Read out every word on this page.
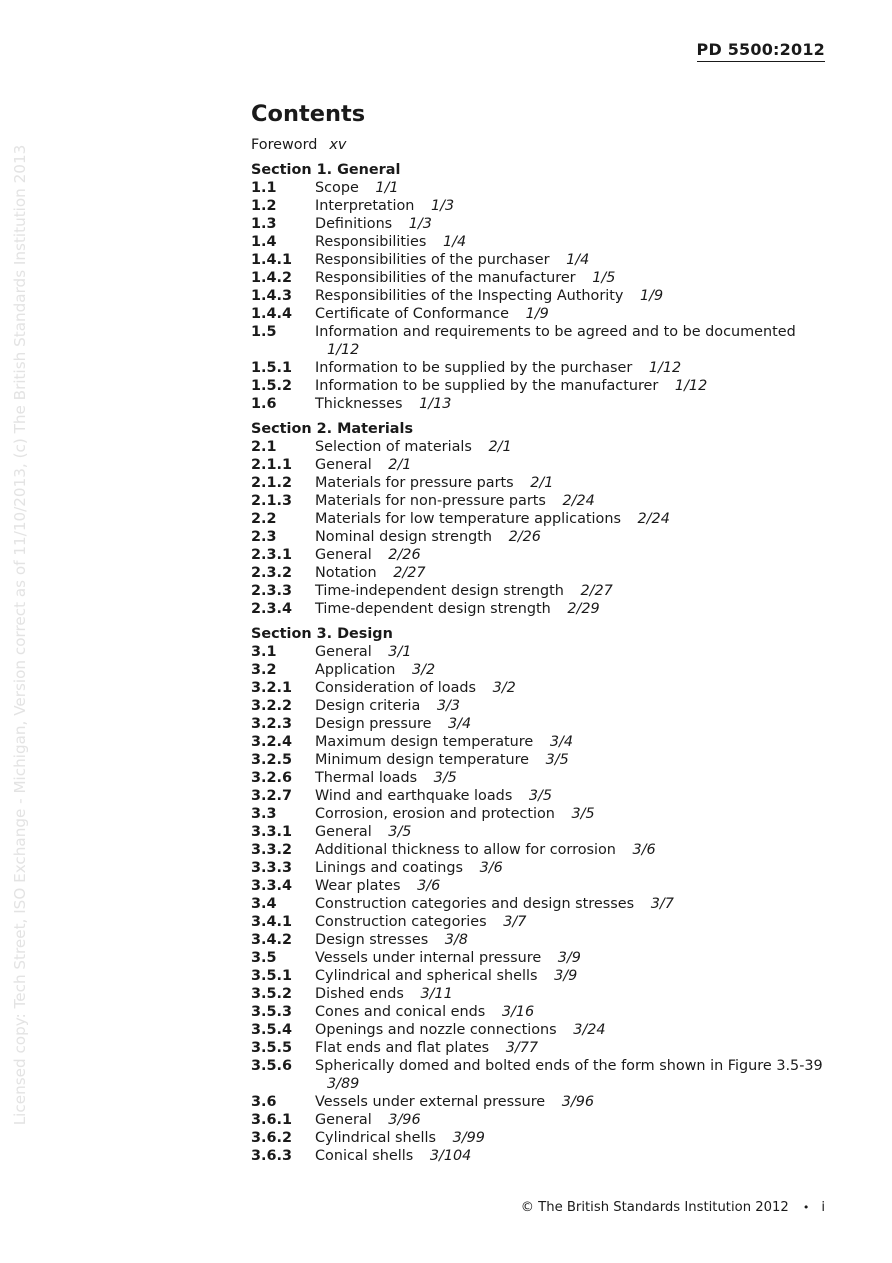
PD 5500:2012
Licensed copy: Tech Street, ISO Exchange - Michigan, Version correct as of 11/10/2013, (c) The British Standards Institution 2013
Contents
Foreword xv
Section 1. General
1.1	Scope 1/1
1.2	Interpretation 1/3
1.3	Definitions 1/3
1.4	Responsibilities 1/4
1.4.1	Responsibilities of the purchaser 1/4
1.4.2	Responsibilities of the manufacturer 1/5
1.4.3	Responsibilities of the Inspecting Authority 1/9
1.4.4	Certificate of Conformance 1/9
1.5	Information and requirements to be agreed and to be documented 1/12
1.5.1	Information to be supplied by the purchaser 1/12
1.5.2	Information to be supplied by the manufacturer 1/12
1.6	Thicknesses 1/13
Section 2. Materials
2.1	Selection of materials 2/1
2.1.1	General 2/1
2.1.2	Materials for pressure parts 2/1
2.1.3	Materials for non-pressure parts 2/24
2.2	Materials for low temperature applications 2/24
2.3	Nominal design strength 2/26
2.3.1	General 2/26
2.3.2	Notation 2/27
2.3.3	Time-independent design strength 2/27
2.3.4	Time-dependent design strength 2/29
Section 3. Design
3.1	General 3/1
3.2	Application 3/2
3.2.1	Consideration of loads 3/2
3.2.2	Design criteria 3/3
3.2.3	Design pressure 3/4
3.2.4	Maximum design temperature 3/4
3.2.5	Minimum design temperature 3/5
3.2.6	Thermal loads 3/5
3.2.7	Wind and earthquake loads 3/5
3.3	Corrosion, erosion and protection 3/5
3.3.1	General 3/5
3.3.2	Additional thickness to allow for corrosion 3/6
3.3.3	Linings and coatings 3/6
3.3.4	Wear plates 3/6
3.4	Construction categories and design stresses 3/7
3.4.1	Construction categories 3/7
3.4.2	Design stresses 3/8
3.5	Vessels under internal pressure 3/9
3.5.1	Cylindrical and spherical shells 3/9
3.5.2	Dished ends 3/11
3.5.3	Cones and conical ends 3/16
3.5.4	Openings and nozzle connections 3/24
3.5.5	Flat ends and flat plates 3/77
3.5.6	Spherically domed and bolted ends of the form shown in Figure 3.5-39 3/89
3.6	Vessels under external pressure 3/96
3.6.1	General 3/96
3.6.2	Cylindrical shells 3/99
3.6.3	Conical shells 3/104
© The British Standards Institution 2012 • i
